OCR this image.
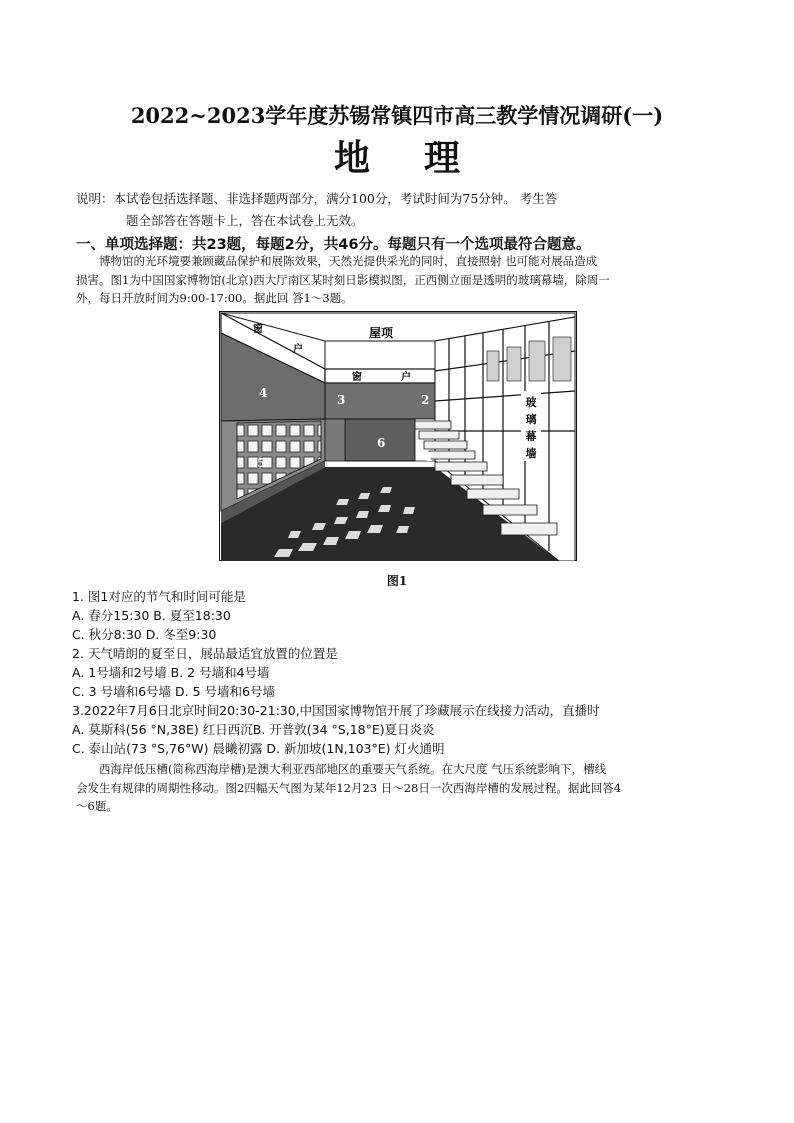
2022~2023学年度苏锡常镇四市高三教学情况调研(一)
地理
说明：本试卷包括选择题、非选择题两部分，满分100分，考试时间为75分钟。 考生答
题全部答在答题卡上，答在本试卷上无效。
一、单项选择题：共23题，每题2分，共46分。每题只有一个选项最符合题意。
博物馆的光环境要兼顾藏品保护和展陈效果，天然光提供采光的同时，直接照射 也可能对展品造成
损害。图1为中国国家博物馆(北京)西大厅南区某时刻日影模拟图，正西侧立面是透明的玻璃幕墙，除周一
外，每日开放时间为9:00-17:00。据此回 答1～3题。
屋项
窗
户
窗	户
4	3	2
6
5	1
玻
璃
幕
墙
图1
1. 图1对应的节气和时间可能是
A. 春分15:30 B. 夏至18:30
C. 秋分8:30 D. 冬至9:30
2. 天气晴朗的夏至日，展品最适宜放置的位置是
A. 1号墙和2号墙 B. 2 号墙和4号墙
C. 3 号墙和6号墙 D. 5 号墙和6号墙
3.2022年7月6日北京时间20:30-21:30,中国国家博物馆开展了珍藏展示在线接力活动，直播时
A. 莫斯科(56 °N,38E) 红日西沉B. 开普敦(34 °S,18°E)夏日炎炎
C. 泰山站(73 °S,76°W) 晨曦初露 D. 新加坡(1N,103°E) 灯火通明
西海岸低压槽(简称西海岸槽)是澳大利亚西部地区的重要天气系统。在大尺度 气压系统影响下，槽线
会发生有规律的周期性移动。图2四幅天气图为某年12月23 日～28日一次西海岸槽的发展过程。据此回答4
～6题。
